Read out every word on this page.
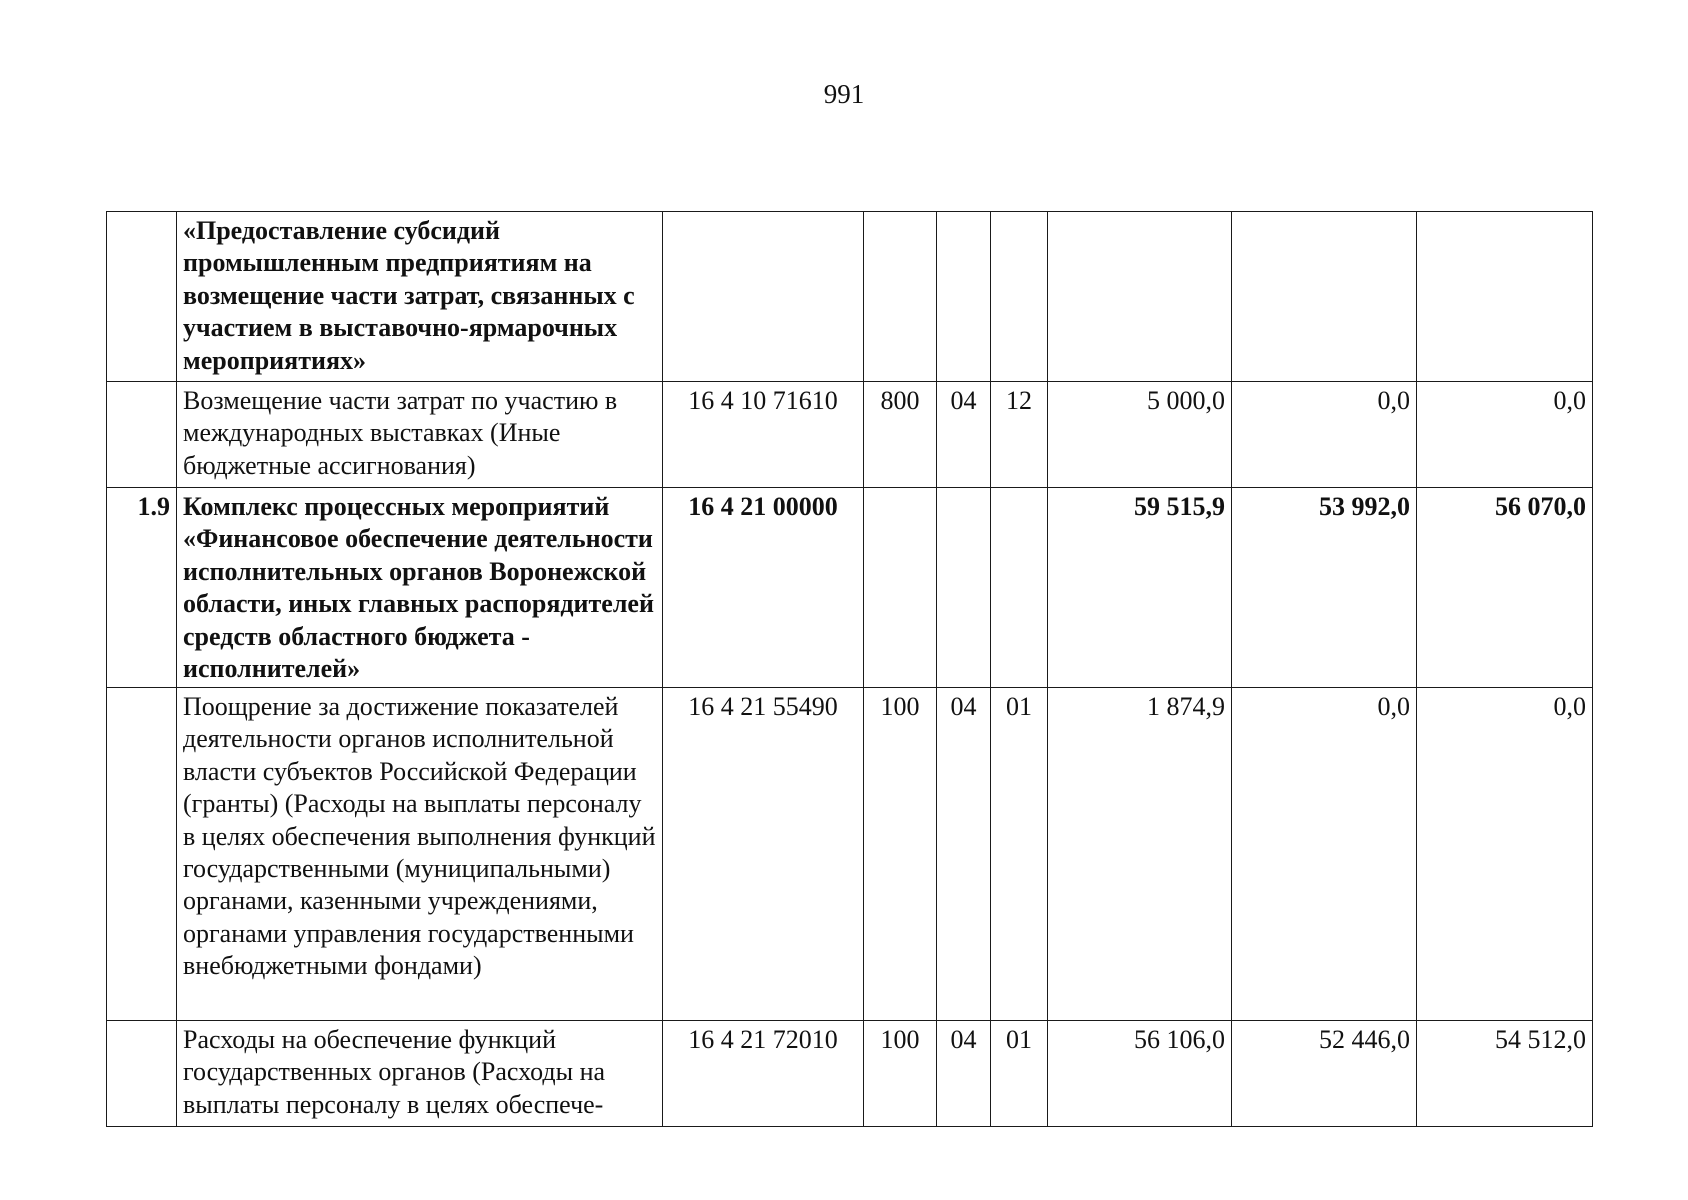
991
	«Предоставление субсидий промышленным предприятиям на возмещение части затрат, связанных с участием в выставочно-ярмарочных мероприятиях»							
	Возмещение части затрат по участию в международных выставках (Иные бюджетные ассигнования)	16 4 10 71610	800	04	12	5 000,0	0,0	0,0
1.9	Комплекс процессных мероприятий «Финансовое обеспечение деятельности исполнительных органов Воронежской области, иных главных распорядителей средств областного бюджета - исполнителей»	16 4 21 00000				59 515,9	53 992,0	56 070,0
	Поощрение за достижение показателей деятельности органов исполнительной власти субъектов Российской Федерации (гранты) (Расходы на выплаты персоналу в целях обеспечения выполнения функций государственными (муниципальными) органами, казенными учреждениями, органами управления государственными внебюджетными фондами)	16 4 21 55490	100	04	01	1 874,9	0,0	0,0
	Расходы на обеспечение функций государственных органов (Расходы на выплаты персоналу в целях обеспече-	16 4 21 72010	100	04	01	56 106,0	52 446,0	54 512,0
